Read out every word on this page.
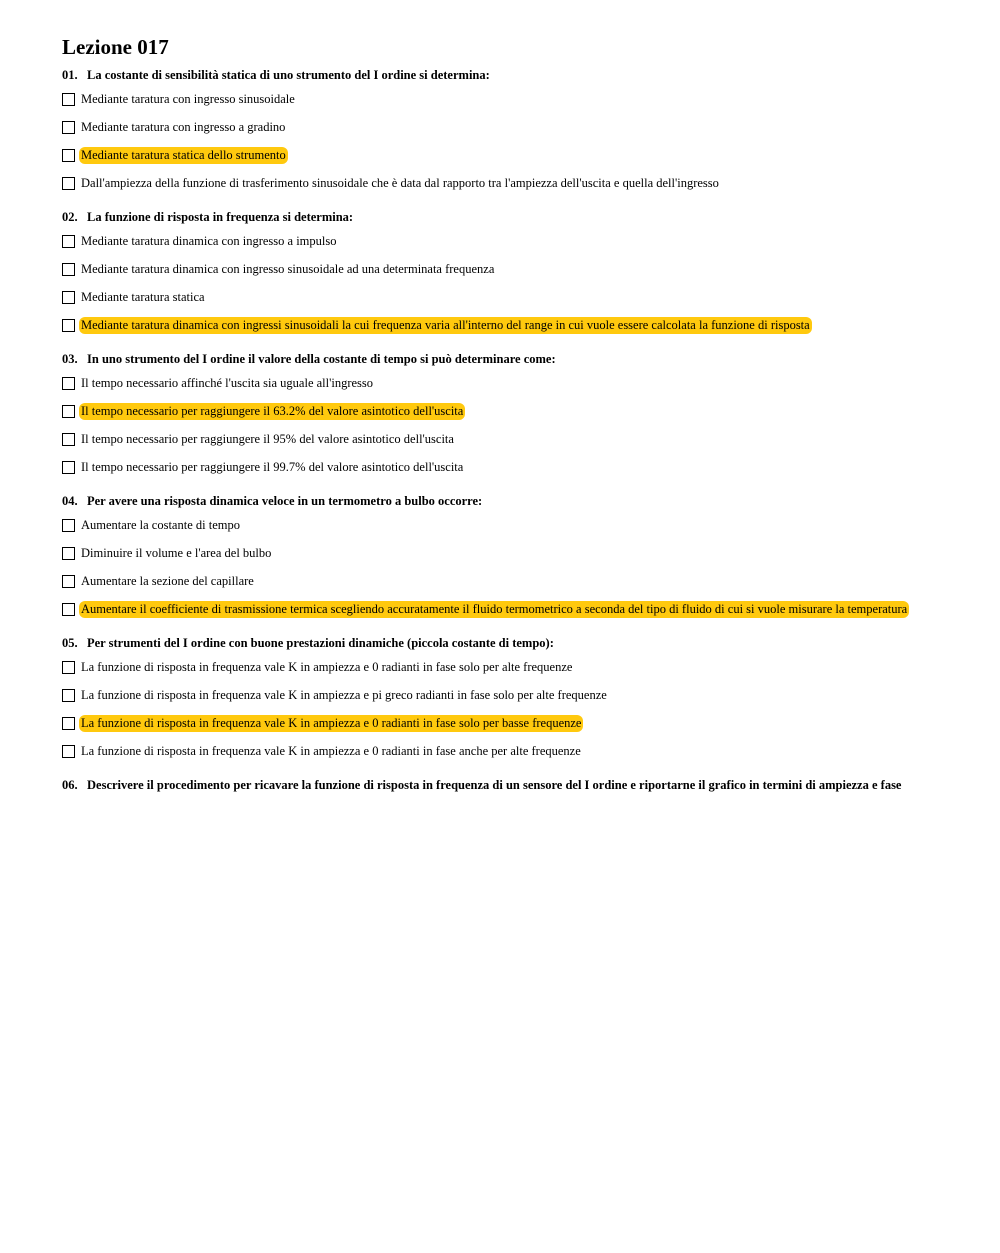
Lezione 017
01. La costante di sensibilità statica di uno strumento del I ordine si determina:
Mediante taratura con ingresso sinusoidale
Mediante taratura con ingresso a gradino
Mediante taratura statica dello strumento
Dall'ampiezza della funzione di trasferimento sinusoidale che è data dal rapporto tra l'ampiezza dell'uscita e quella dell'ingresso
02. La funzione di risposta in frequenza si determina:
Mediante taratura dinamica con ingresso a impulso
Mediante taratura dinamica con ingresso sinusoidale ad una determinata frequenza
Mediante taratura statica
Mediante taratura dinamica con ingressi sinusoidali la cui frequenza varia all'interno del range in cui vuole essere calcolata la funzione di risposta
03. In uno strumento del I ordine il valore della costante di tempo si può determinare come:
Il tempo necessario affinché l'uscita sia uguale all'ingresso
Il tempo necessario per raggiungere il 63.2% del valore asintotico dell'uscita
Il tempo necessario per raggiungere il 95% del valore asintotico dell'uscita
Il tempo necessario per raggiungere il 99.7% del valore asintotico dell'uscita
04. Per avere una risposta dinamica veloce in un termometro a bulbo occorre:
Aumentare la costante di tempo
Diminuire il volume e l'area del bulbo
Aumentare la sezione del capillare
Aumentare il coefficiente di trasmissione termica scegliendo accuratamente il fluido termometrico a seconda del tipo di fluido di cui si vuole misurare la temperatura
05. Per strumenti del I ordine con buone prestazioni dinamiche (piccola costante di tempo):
La funzione di risposta in frequenza vale K in ampiezza e 0 radianti in fase solo per alte frequenze
La funzione di risposta in frequenza vale K in ampiezza e pi greco radianti in fase solo per alte frequenze
La funzione di risposta in frequenza vale K in ampiezza e 0 radianti in fase solo per basse frequenze
La funzione di risposta in frequenza vale K in ampiezza e 0 radianti in fase anche per alte frequenze
06. Descrivere il procedimento per ricavare la funzione di risposta in frequenza di un sensore del I ordine e riportarne il grafico in termini di ampiezza e fase
